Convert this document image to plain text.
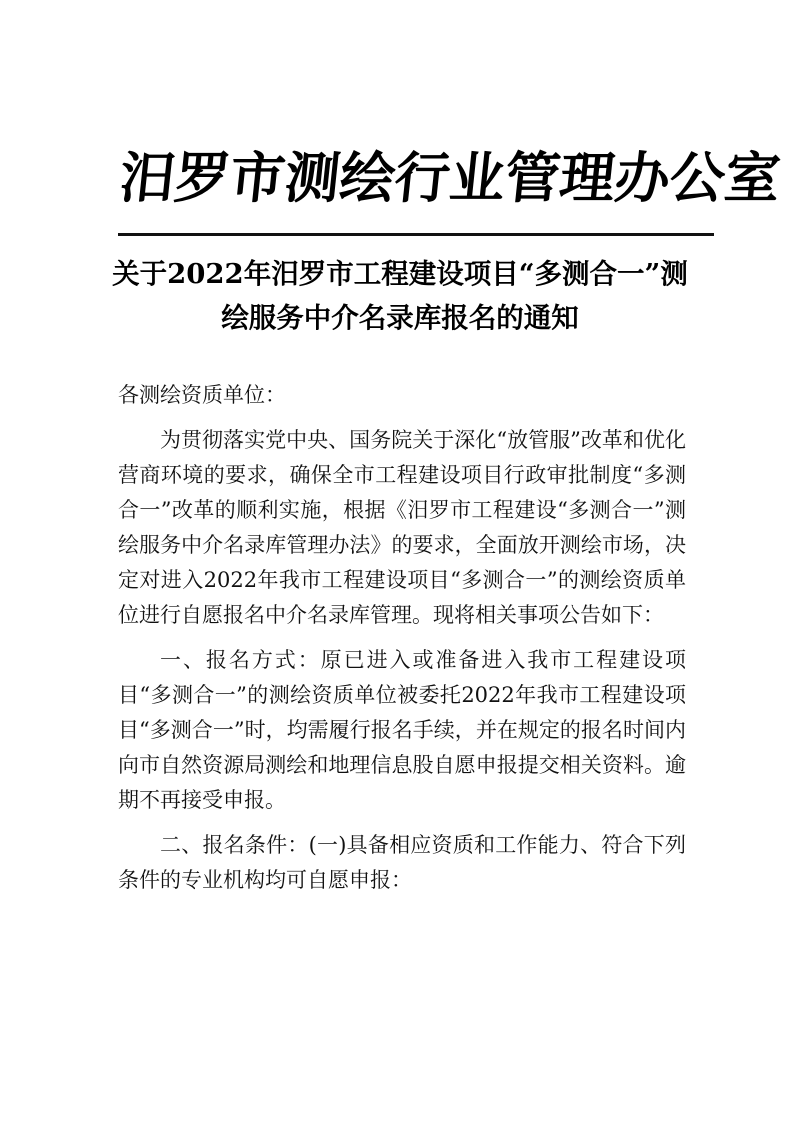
汨
罗
市
测
绘
行
业
管
理
办
公
室
关于2022年汨罗市工程建设项目“多测合一”测绘服务中介名录库报名的通知

各测绘资质单位：

为贯彻落实党中央、国务院关于深化“放管服”改革和优化营商环境的要求，确保全市工程建设项目行政审批制度“多测合一”改革的顺利实施，根据《汨罗市工程建设“多测合一”测绘服务中介名录库管理办法》的要求，全面放开测绘市场，决定对进入2022年我市工程建设项目“多测合一”的测绘资质单位进行自愿报名中介名录库管理。现将相关事项公告如下：

一、报名方式：原已进入或准备进入我市工程建设项目“多测合一”的测绘资质单位被委托2022年我市工程建设项目“多测合一”时，均需履行报名手续，并在规定的报名时间内向市自然资源局测绘和地理信息股自愿申报提交相关资料。逾期不再接受申报。

二、报名条件：(一)具备相应资质和工作能力、符合下列条件的专业机构均可自愿申报：
